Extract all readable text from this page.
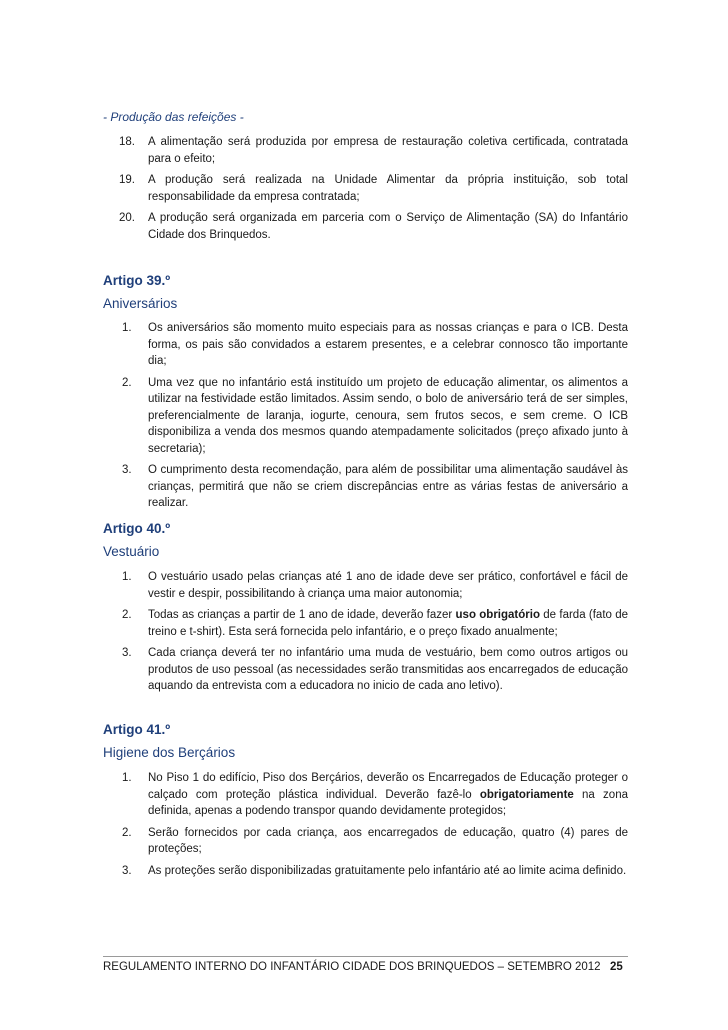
- Produção das refeições -
18. A alimentação será produzida por empresa de restauração coletiva certificada, contratada para o efeito;
19. A produção será realizada na Unidade Alimentar da própria instituição, sob total responsabilidade da empresa contratada;
20. A produção será organizada em parceria com o Serviço de Alimentação (SA) do Infantário Cidade dos Brinquedos.
Artigo 39.º
Aniversários
1. Os aniversários são momento muito especiais para as nossas crianças e para o ICB. Desta forma, os pais são convidados a estarem presentes, e a celebrar connosco tão importante dia;
2. Uma vez que no infantário está instituído um projeto de educação alimentar, os alimentos a utilizar na festividade estão limitados. Assim sendo, o bolo de aniversário terá de ser simples, preferencialmente de laranja, iogurte, cenoura, sem frutos secos, e sem creme. O ICB disponibiliza a venda dos mesmos quando atempadamente solicitados (preço afixado junto à secretaria);
3. O cumprimento desta recomendação, para além de possibilitar uma alimentação saudável às crianças, permitirá que não se criem discrepâncias entre as várias festas de aniversário a realizar.
Artigo 40.º
Vestuário
1. O vestuário usado pelas crianças até 1 ano de idade deve ser prático, confortável e fácil de vestir e despir, possibilitando à criança uma maior autonomia;
2. Todas as crianças a partir de 1 ano de idade, deverão fazer uso obrigatório de farda (fato de treino e t-shirt). Esta será fornecida pelo infantário, e o preço fixado anualmente;
3. Cada criança deverá ter no infantário uma muda de vestuário, bem como outros artigos ou produtos de uso pessoal (as necessidades serão transmitidas aos encarregados de educação aquando da entrevista com a educadora no inicio de cada ano letivo).
Artigo 41.º
Higiene dos Berçários
1. No Piso 1 do edifício, Piso dos Berçários, deverão os Encarregados de Educação proteger o calçado com proteção plástica individual. Deverão fazê-lo obrigatoriamente na zona definida, apenas a podendo transpor quando devidamente protegidos;
2. Serão fornecidos por cada criança, aos encarregados de educação, quatro (4) pares de proteções;
3. As proteções serão disponibilizadas gratuitamente pelo infantário até ao limite acima definido.
REGULAMENTO INTERNO DO INFANTÁRIO CIDADE DOS BRINQUEDOS – SETEMBRO 2012 25
